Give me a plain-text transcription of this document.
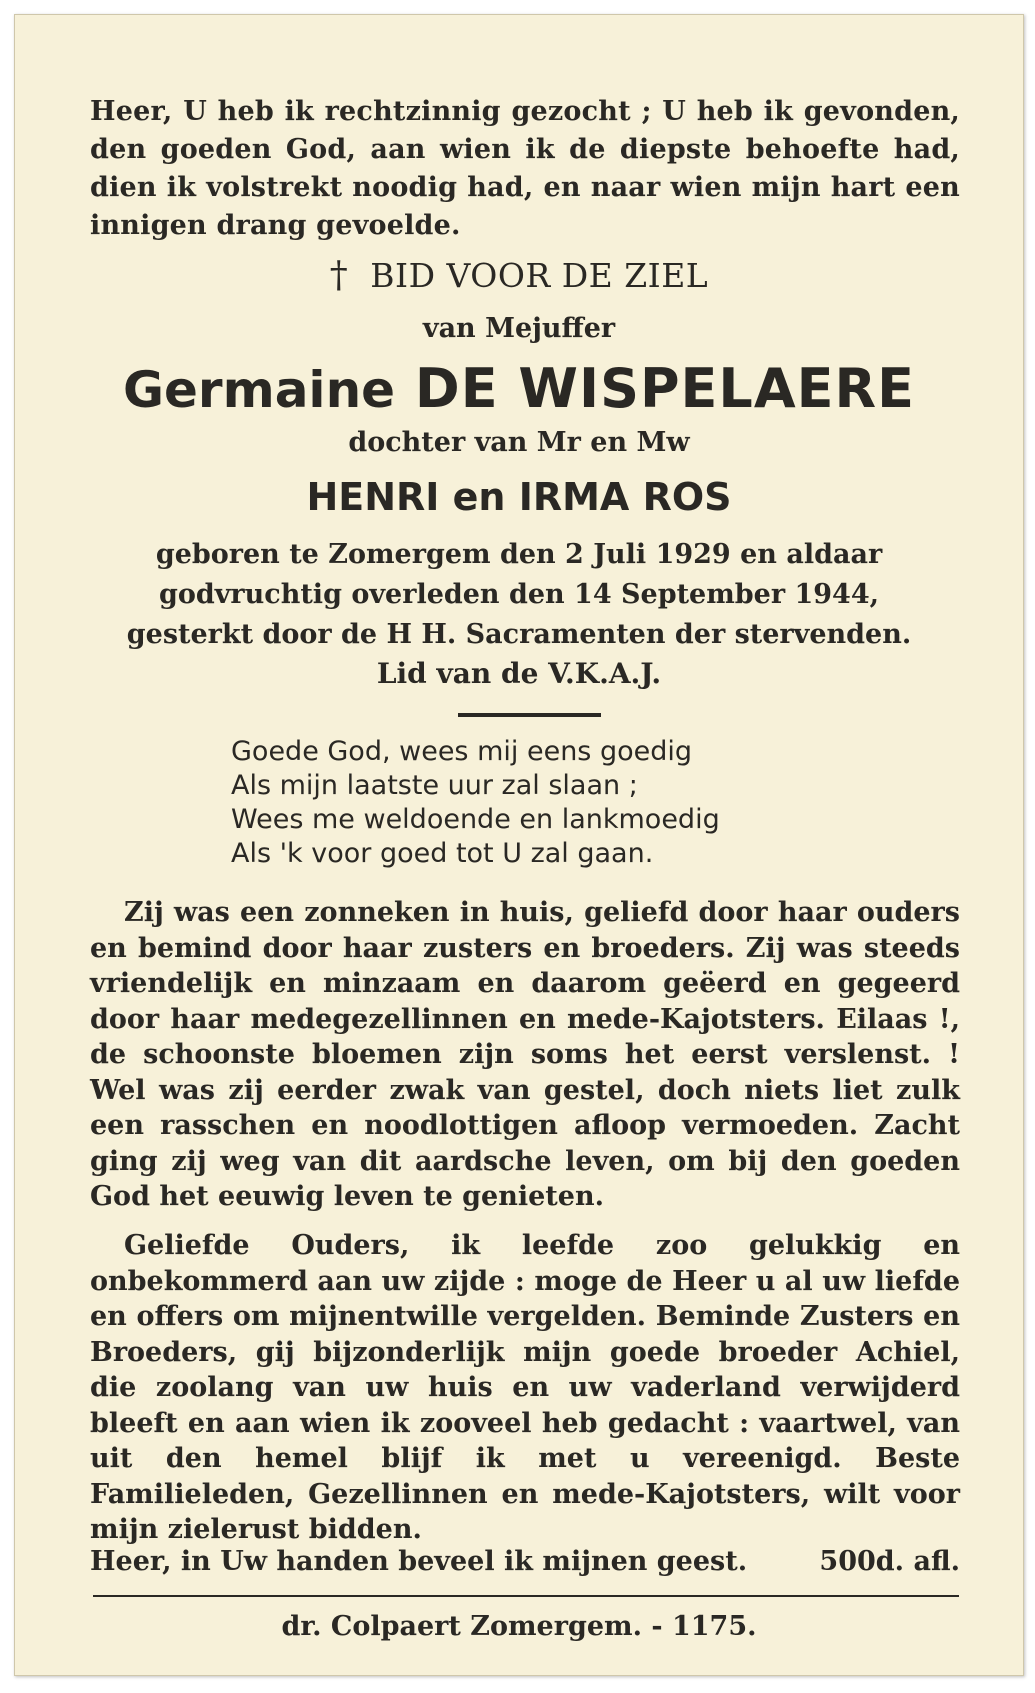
Heer, U heb ik rechtzinnig gezocht ; U heb ik gevonden, den goeden God, aan wien ik de diepste behoefte had, dien ik volstrekt noodig had, en naar wien mijn hart een innigen drang gevoelde.
† BID VOOR DE ZIEL
van Mejuffer
Germaine DE WISPELAERE
dochter van Mr en Mw
HENRI en IRMA ROS
geboren te Zomergem den 2 Juli 1929 en aldaar
godvruchtig overleden den 14 September 1944,
gesterkt door de H H. Sacramenten der stervenden.
Lid van de V.K.A.J.
Goede God, wees mij eens goedig
Als mijn laatste uur zal slaan ;
Wees me weldoende en lankmoedig
Als 'k voor goed tot U zal gaan.
Zij was een zonneken in huis, geliefd door haar ouders en bemind door haar zusters en broeders. Zij was steeds vriendelijk en minzaam en daarom geëerd en gegeerd door haar medegezellinnen en mede-Kajotsters. Eilaas !, de schoonste bloemen zijn soms het eerst verslenst. ! Wel was zij eerder zwak van gestel, doch niets liet zulk een rasschen en noodlottigen afloop vermoeden. Zacht ging zij weg van dit aardsche leven, om bij den goeden God het eeuwig leven te genieten.
Geliefde Ouders, ik leefde zoo gelukkig en onbekommerd aan uw zijde : moge de Heer u al uw liefde en offers om mijnentwille vergelden. Beminde Zusters en Broeders, gij bijzonderlijk mijn goede broeder Achiel, die zoolang van uw huis en uw vaderland verwijderd bleeft en aan wien ik zooveel heb gedacht : vaartwel, van uit den hemel blijf ik met u vereenigd. Beste Familieleden, Gezellinnen en mede-Kajotsters, wilt voor mijn zielerust bidden.
Heer, in Uw handen beveel ik mijnen geest.	500d. afl.
dr. Colpaert Zomergem. - 1175.
